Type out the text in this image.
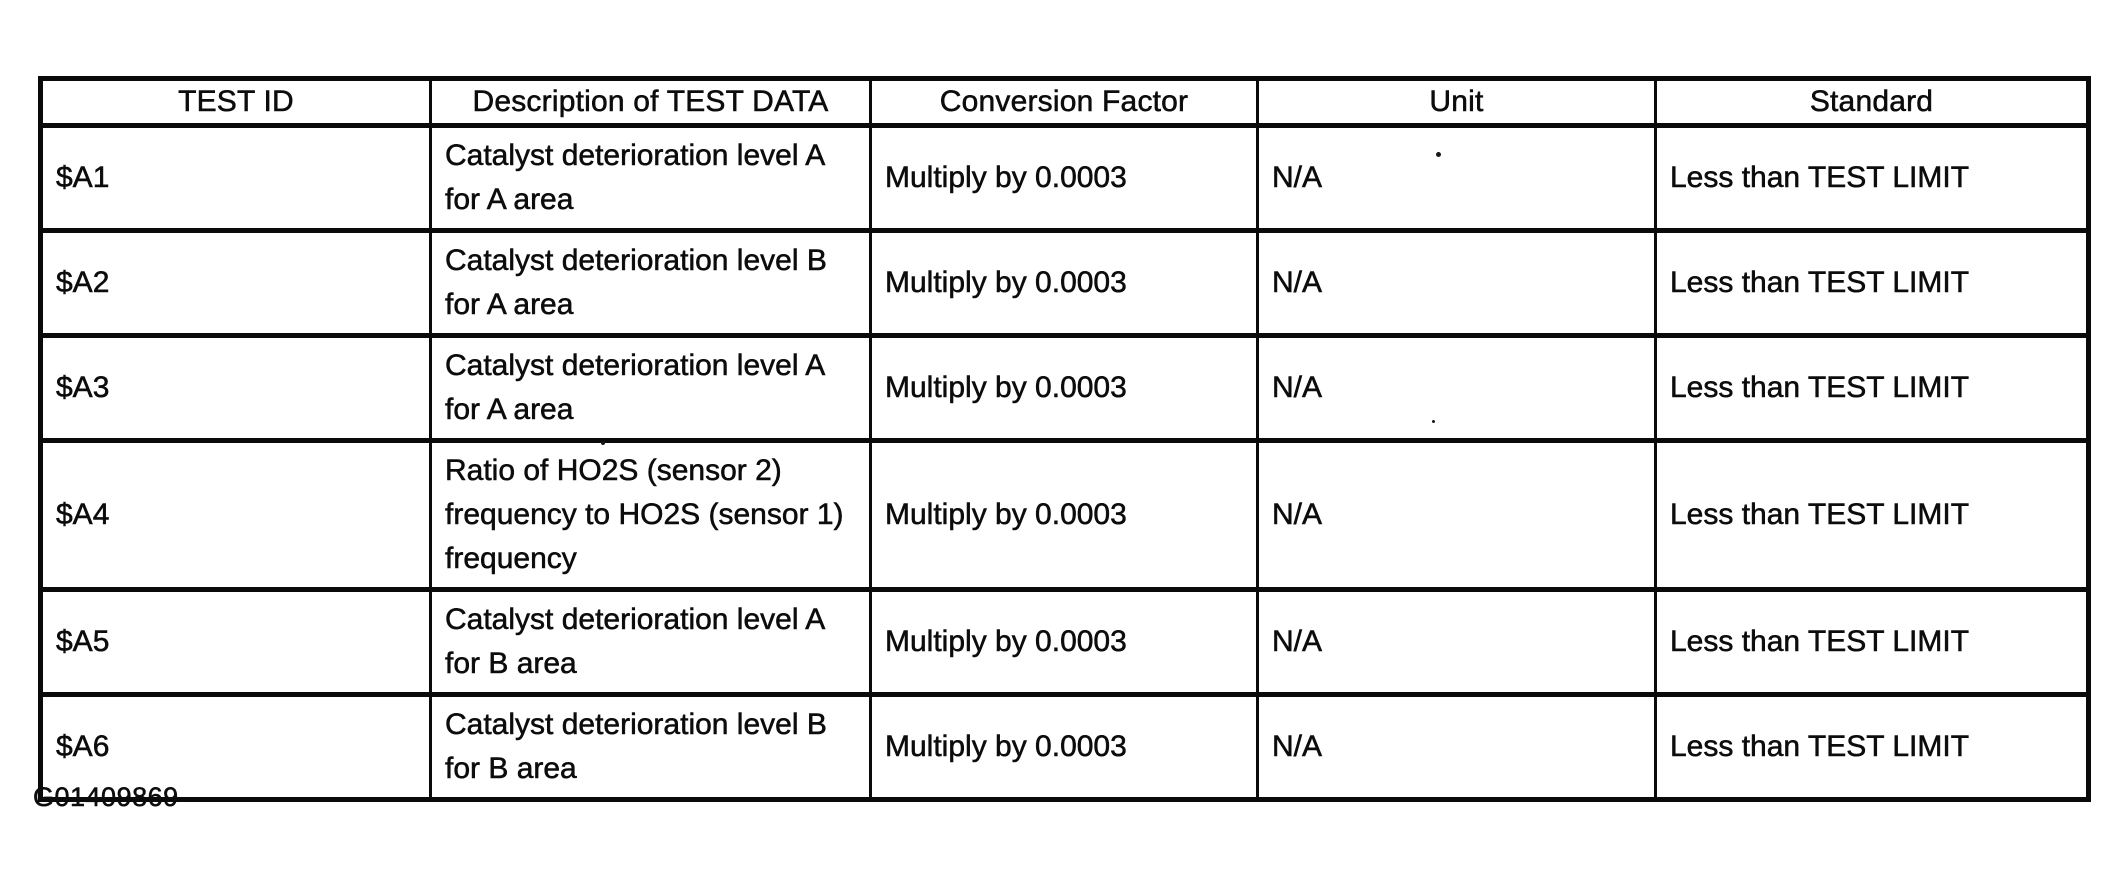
TEST ID	Description of TEST DATA	Conversion Factor	Unit	Standard
$A1	Catalyst deterioration level A for A area	Multiply by 0.0003	N/A	Less than TEST LIMIT
$A2	Catalyst deterioration level B for A area	Multiply by 0.0003	N/A	Less than TEST LIMIT
$A3	Catalyst deterioration level A for A area	Multiply by 0.0003	N/A	Less than TEST LIMIT
$A4	Ratio of HO2S (sensor 2) frequency to HO2S (sensor 1) frequency	Multiply by 0.0003	N/A	Less than TEST LIMIT
$A5	Catalyst deterioration level A for B area	Multiply by 0.0003	N/A	Less than TEST LIMIT
$A6	Catalyst deterioration level B for B area	Multiply by 0.0003	N/A	Less than TEST LIMIT
G01409869
